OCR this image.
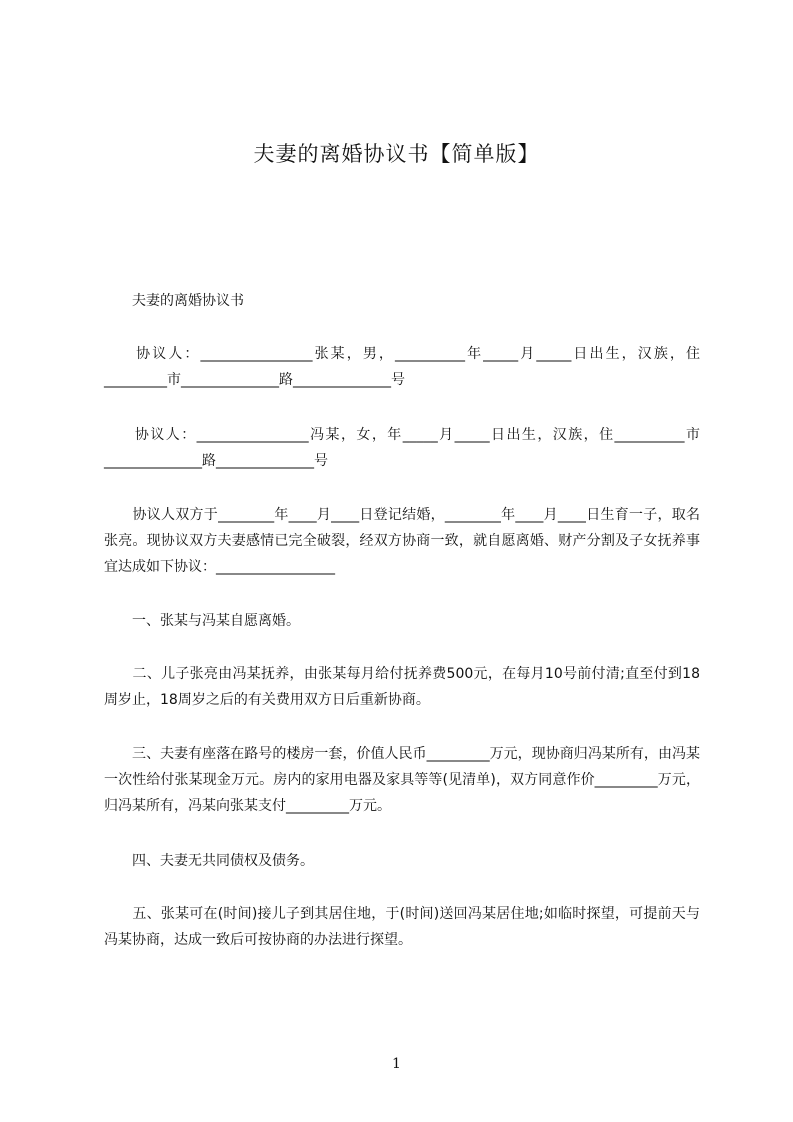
夫妻的离婚协议书【简单版】

　　夫妻的离婚协议书

　　协议人：________________张某，男，__________年_____月_____日出生，汉族，住_________市______________路______________号

　　协议人：________________冯某，女，年_____月_____日出生，汉族，住__________市______________路______________号

　　协议人双方于________年____月____日登记结婚，________年____月____日生育一子，取名张亮。现协议双方夫妻感情已完全破裂，经双方协商一致，就自愿离婚、财产分割及子女抚养事宜达成如下协议：_________________

　　一、张某与冯某自愿离婚。

　　二、儿子张亮由冯某抚养，由张某每月给付抚养费500元，在每月10号前付清;直至付到18周岁止，18周岁之后的有关费用双方日后重新协商。

　　三、夫妻有座落在路号的楼房一套，价值人民币_________万元，现协商归冯某所有，由冯某一次性给付张某现金万元。房内的家用电器及家具等等(见清单)，双方同意作价_________万元，归冯某所有，冯某向张某支付_________万元。

　　四、夫妻无共同债权及债务。

　　五、张某可在(时间)接儿子到其居住地，于(时间)送回冯某居住地;如临时探望，可提前天与冯某协商，达成一致后可按协商的办法进行探望。

1
